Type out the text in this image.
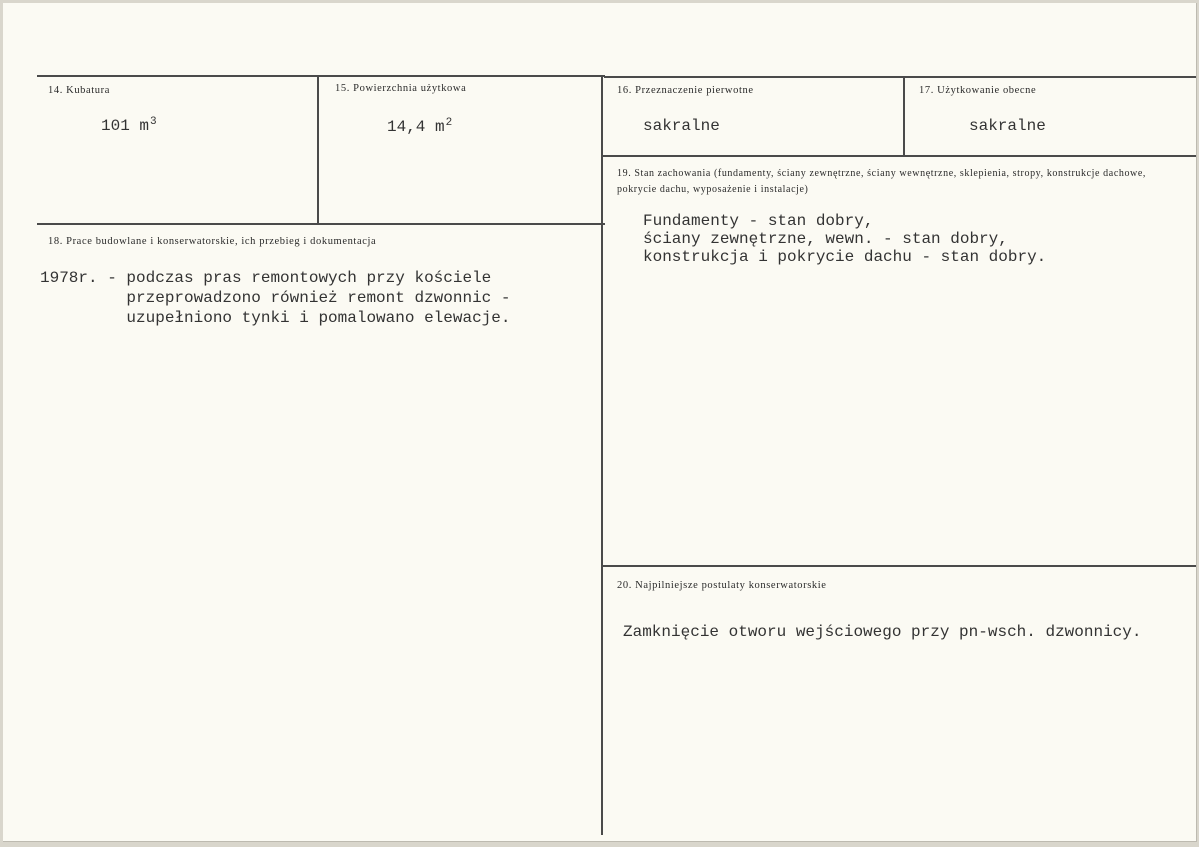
14. Kubatura
101 $m^3$
15. Powierzchnia użytkowa
14,4 $m^2$
16. Przeznaczenie pierwotne
sakralne
17. Użytkowanie obecne
sakralne
18. Prace budowlane i konserwatorskie, ich przebieg i dokumentacja
1978r. - podczas pras remontowych przy kościele
przeprowadzono również remont dzwonnic -
uzupełniono tynki i pomalowano elewacje.
19. Stan zachowania (fundamenty, ściany zewnętrzne, ściany wewnętrzne, sklepienia, stropy, konstrukcje dachowe, pokrycie dachu, wyposażenie i instalacje)
Fundamenty - stan dobry,
ściany zewnętrzne, wewn. - stan dobry,
konstrukcja i pokrycie dachu - stan dobry.
20. Najpilniejsze postulaty konserwatorskie
Zamknięcie otworu wejściowego przy pn-wsch. dzwonnicy.
